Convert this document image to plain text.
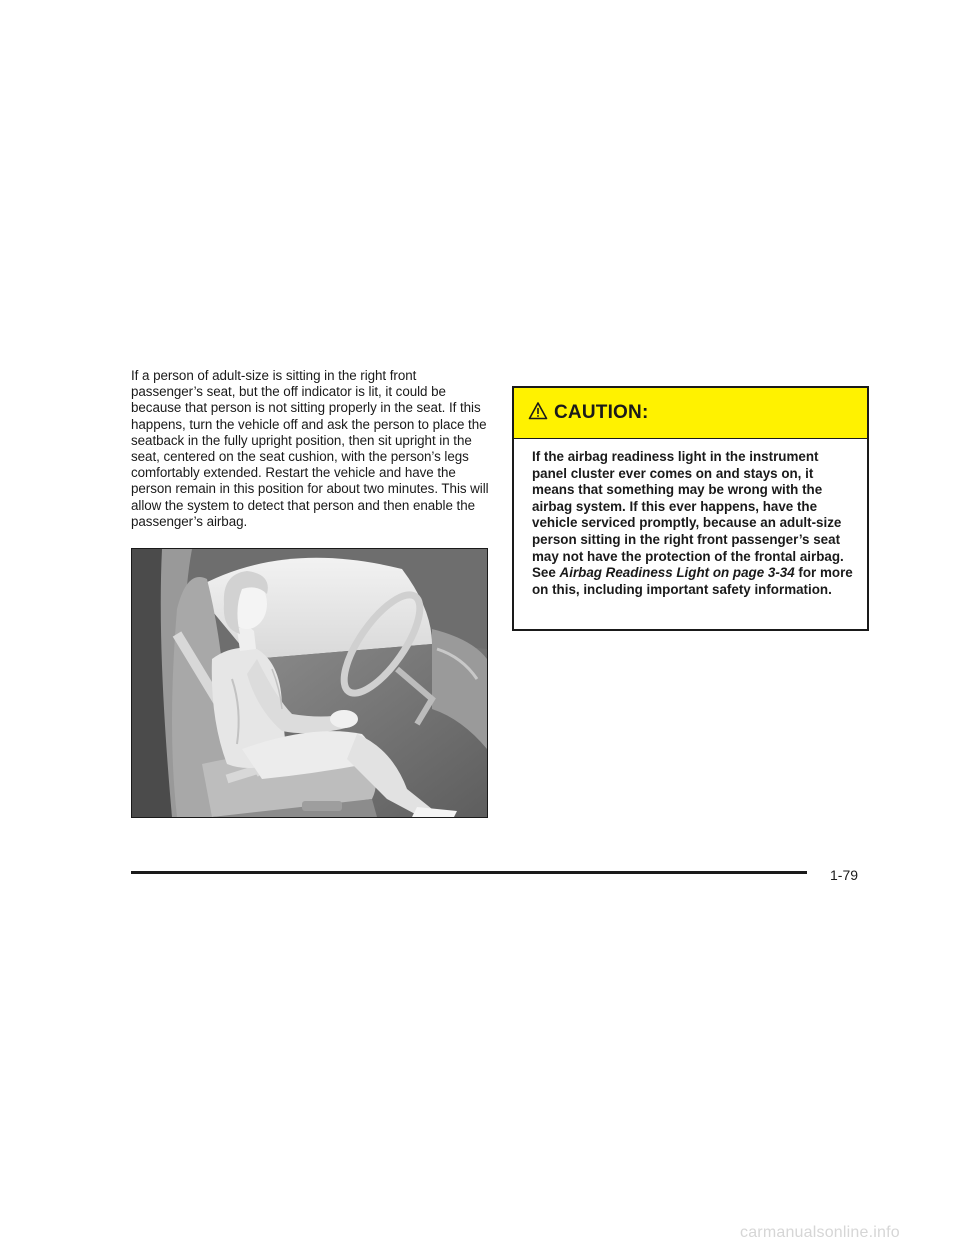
If a person of adult-size is sitting in the right front passenger’s seat, but the off indicator is lit, it could be because that person is not sitting properly in the seat. If this happens, turn the vehicle off and ask the person to place the seatback in the fully upright position, then sit upright in the seat, centered on the seat cushion, with the person’s legs comfortably extended. Restart the vehicle and have the person remain in this position for about two minutes. This will allow the system to detect that person and then enable the passenger’s airbag.

CAUTION:

If the airbag readiness light in the instrument panel cluster ever comes on and stays on, it means that something may be wrong with the airbag system. If this ever happens, have the vehicle serviced promptly, because an adult-size person sitting in the right front passenger’s seat may not have the protection of the frontal airbag. See Airbag Readiness Light on page 3-34 for more on this, including important safety information.

1-79
carmanualsonline.info
